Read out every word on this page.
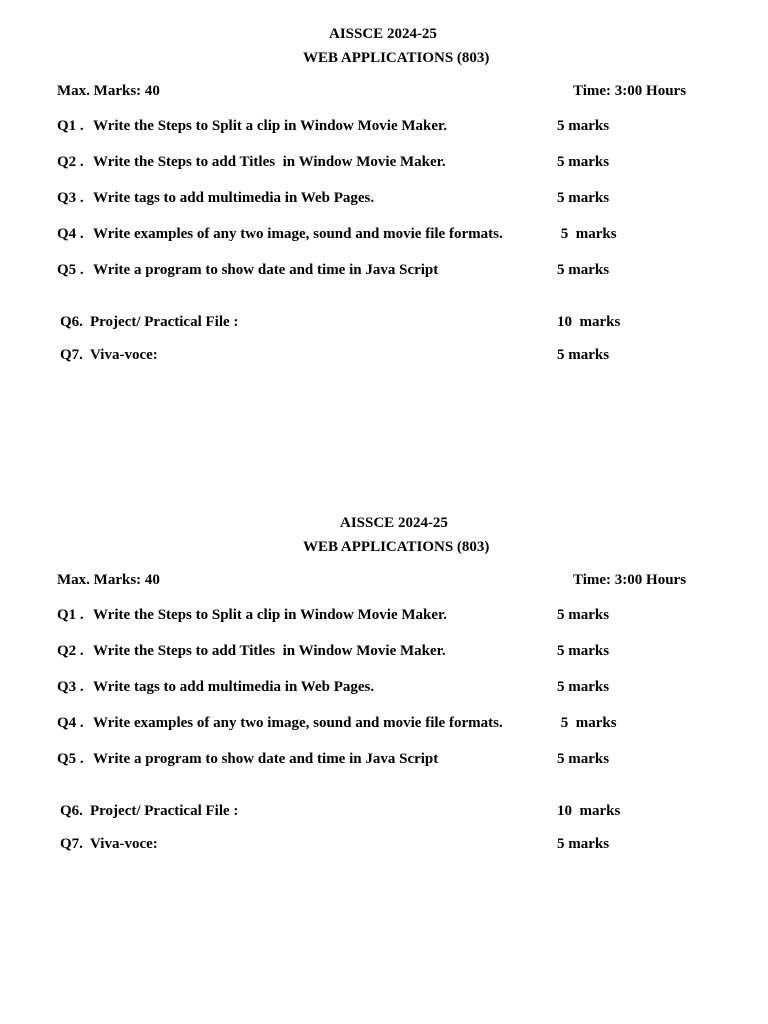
AISSCE 2024-25
WEB APPLICATIONS (803)
Max. Marks: 40	Time: 3:00 Hours
Q1 . Write the Steps to Split a clip in Window Movie Maker.	5 marks
Q2 . Write the Steps to add Titles  in Window Movie Maker.	5 marks
Q3 . Write tags to add multimedia in Web Pages.	5 marks
Q4 . Write examples of any two image, sound and movie file formats.	5  marks
Q5 . Write a program to show date and time in Java Script	5 marks
Q6. Project/ Practical File :	10  marks
Q7. Viva-voce:	5 marks
AISSCE 2024-25
WEB APPLICATIONS (803)
Max. Marks: 40	Time: 3:00 Hours
Q1 . Write the Steps to Split a clip in Window Movie Maker.	5 marks
Q2 . Write the Steps to add Titles  in Window Movie Maker.	5 marks
Q3 . Write tags to add multimedia in Web Pages.	5 marks
Q4 . Write examples of any two image, sound and movie file formats.	5  marks
Q5 . Write a program to show date and time in Java Script	5 marks
Q6. Project/ Practical File :	10  marks
Q7. Viva-voce:	5 marks
